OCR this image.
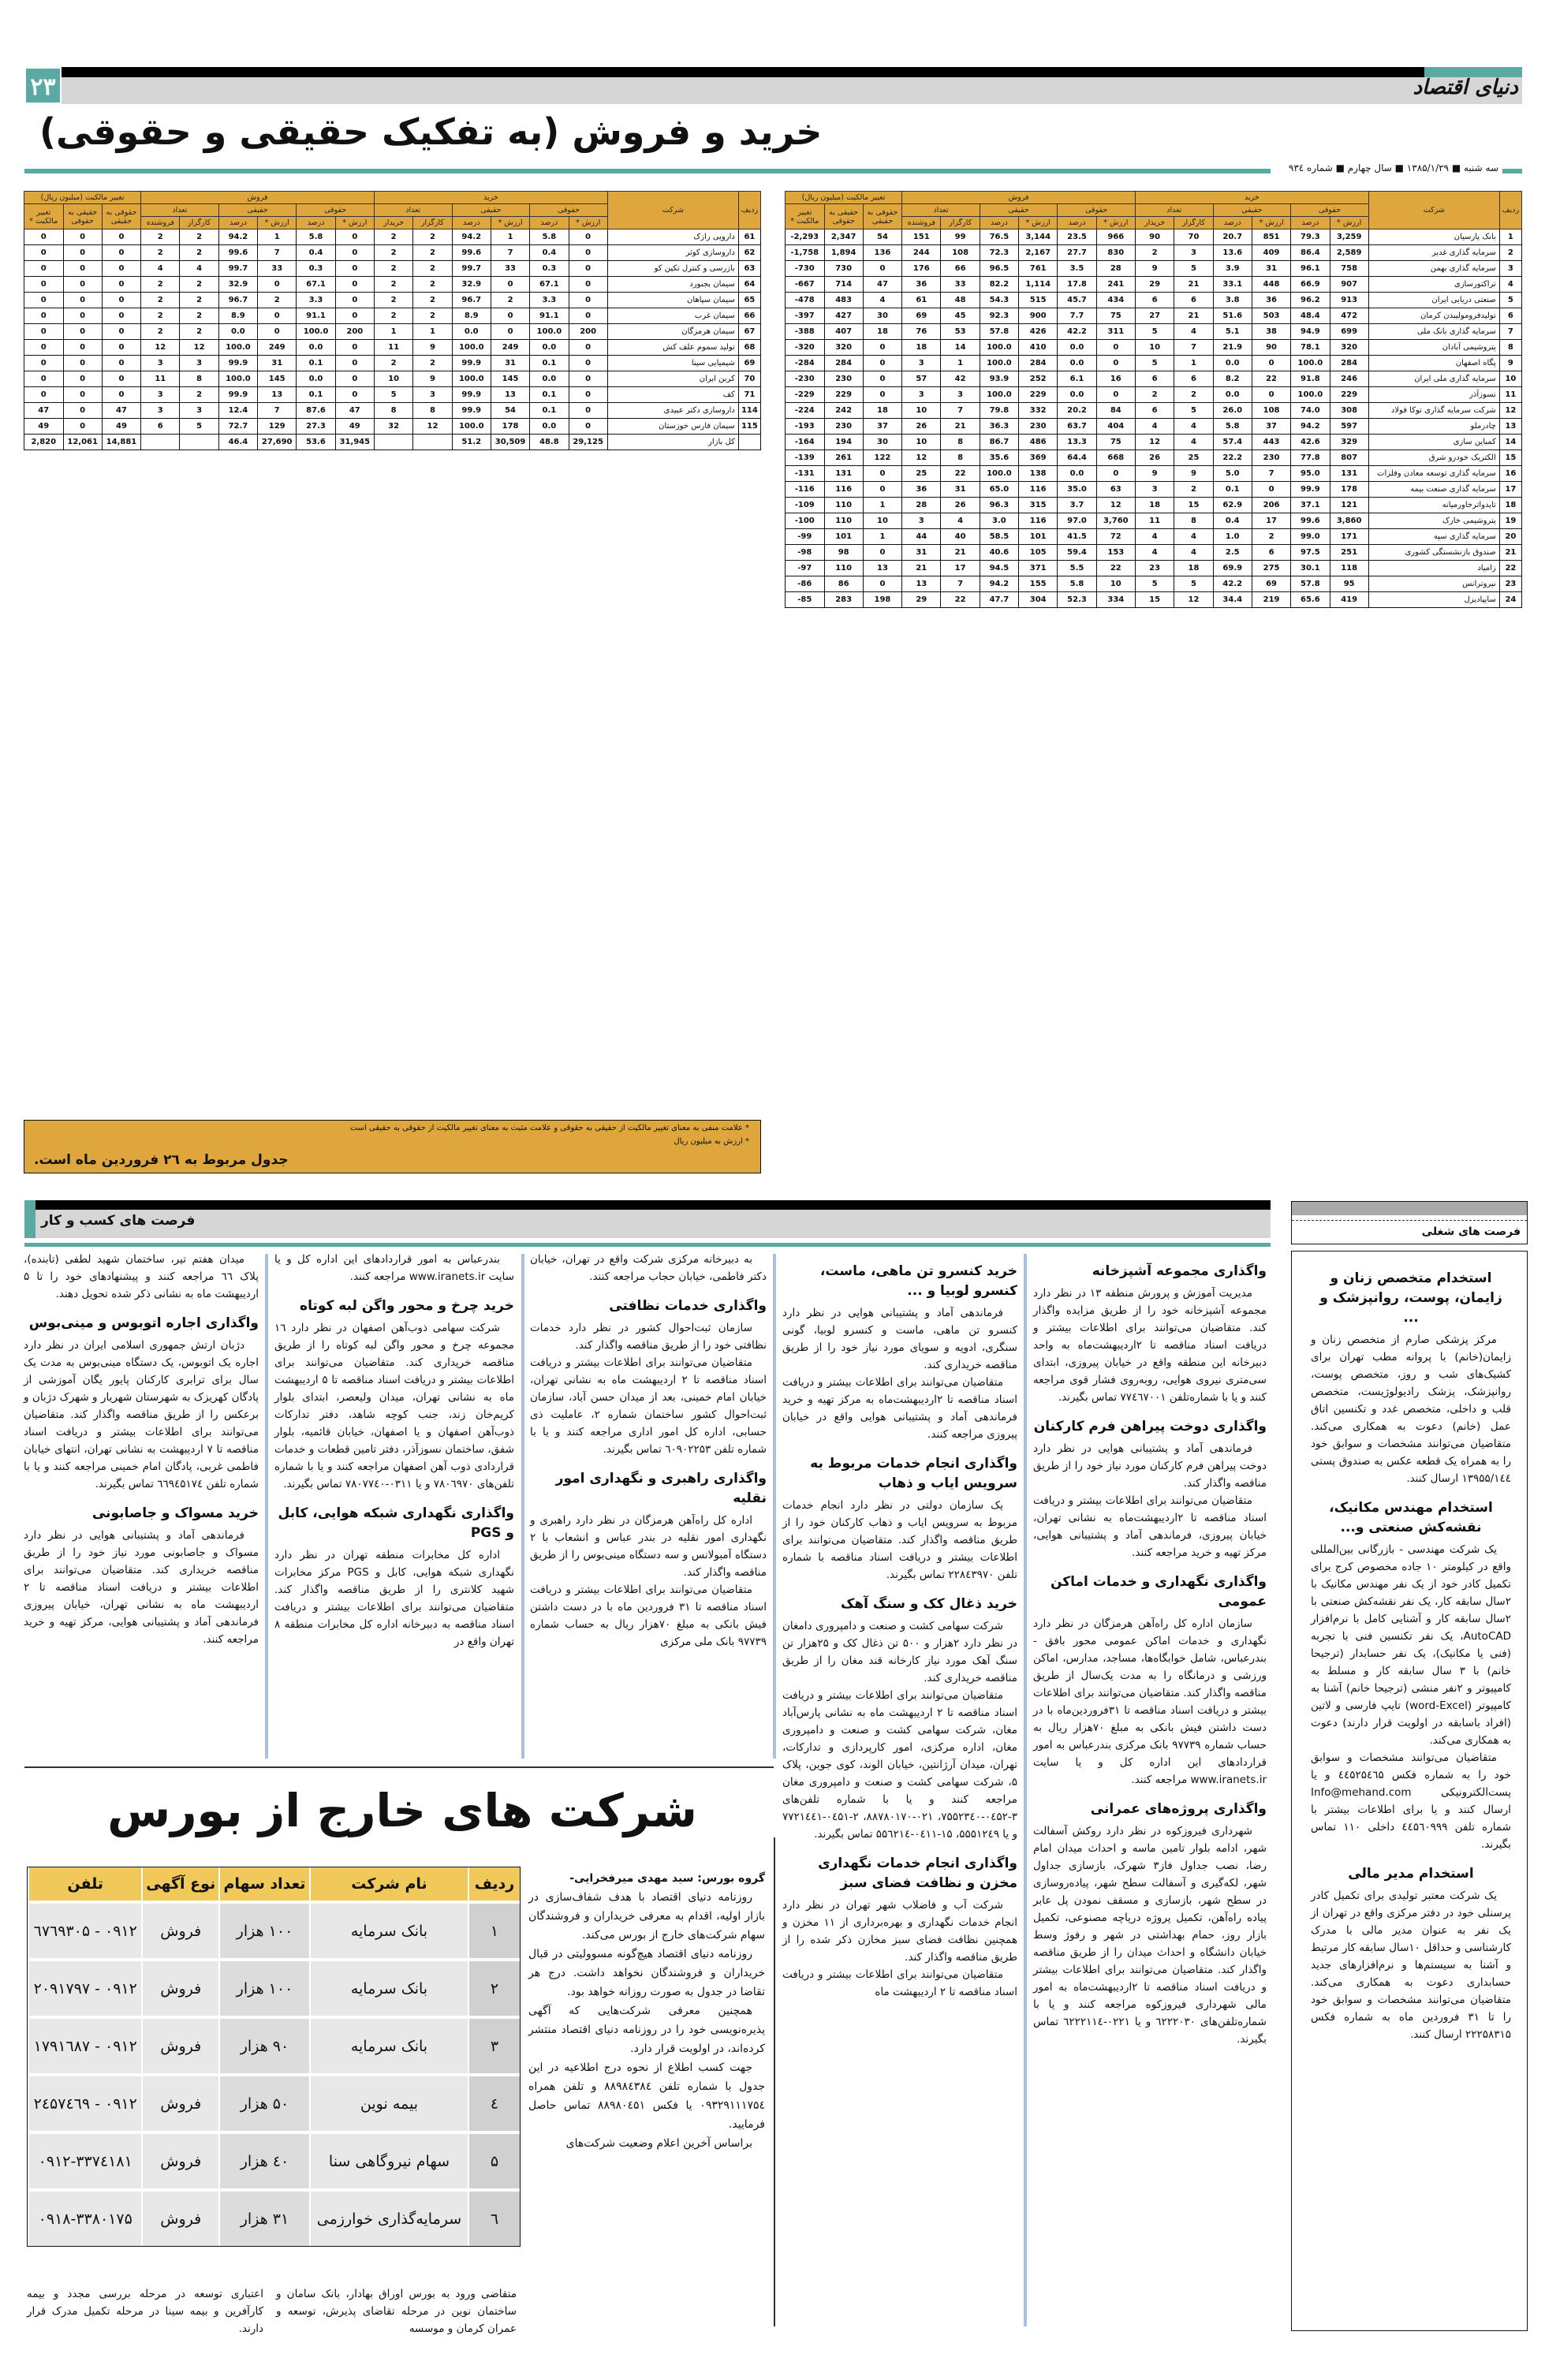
۲۳	دنیای اقتصاد
خرید و فروش (به تفکیک حقیقی و حقوقی)
سه شنبه ■ ۱۳۸۵/۱/۲۹ ■ سال چهارم ■ شماره ۹۳٤
ردیف	شرکت	خرید						فروش						تغییر مالکیت (میلیون ریال)		
		حقوقی		حقیقی		تعداد		حقوقی		حقیقی		تعداد		حقوقی به حقیقی	حقیقی به حقوقی	تغییر مالکیت *
		ارزش *	درصد	ارزش *	درصد	کارگزار	خریدار	ارزش *	درصد	ارزش *	درصد	کارگزار	فروشنده			
1	بانک پارسیان	3,259	79.3	851	20.7	70	90	966	23.5	3,144	76.5	99	151	54	2,347	-2,293
2	سرمایه گذاری غدیر	2,589	86.4	409	13.6	3	2	830	27.7	2,167	72.3	108	244	136	1,894	-1,758
3	سرمایه گذاری بهمن	758	96.1	31	3.9	5	9	28	3.5	761	96.5	66	176	0	730	-730
4	تراکتورسازی	907	66.9	448	33.1	21	29	241	17.8	1,114	82.2	33	36	47	714	-667
5	صنعتی دریایی ایران	913	96.2	36	3.8	6	6	434	45.7	515	54.3	48	61	4	483	-478
6	تولیدفرومولیبدن کرمان	472	48.4	503	51.6	21	27	75	7.7	900	92.3	45	69	30	427	-397
7	سرمایه گذاری بانک ملی	699	94.9	38	5.1	4	5	311	42.2	426	57.8	53	76	18	407	-388
8	پتروشیمی آبادان	320	78.1	90	21.9	7	10	0	0.0	410	100.0	14	18	0	320	-320
9	پگاه اصفهان	284	100.0	0	0.0	1	5	0	0.0	284	100.0	1	3	0	284	-284
10	سرمایه گذاری ملی ایران	246	91.8	22	8.2	6	6	16	6.1	252	93.9	42	57	0	230	-230
11	نسوزآذر	229	100.0	0	0.0	2	2	0	0.0	229	100.0	3	3	0	229	-229
12	شرکت سرمایه گذاری توکا فولاد	308	74.0	108	26.0	5	6	84	20.2	332	79.8	7	10	18	242	-224
13	چادرملو	597	94.2	37	5.8	4	4	404	63.7	230	36.3	21	26	37	230	-193
14	کمباین سازی	329	42.6	443	57.4	4	12	75	13.3	486	86.7	8	10	30	194	-164
15	الکتریک خودرو شرق	807	77.8	230	22.2	25	26	668	64.4	369	35.6	8	12	122	261	-139
16	سرمایه گذاری توسعه معادن وفلزات	131	95.0	7	5.0	9	9	0	0.0	138	100.0	22	25	0	131	-131
17	سرمایه گذاری صنعت بیمه	178	99.9	0	0.1	2	3	63	35.0	116	65.0	31	36	0	116	-116
18	تایدواترخاورمیانه	121	37.1	206	62.9	15	18	12	3.7	315	96.3	26	28	1	110	-109
19	پتروشیمی خارک	3,860	99.6	17	0.4	8	11	3,760	97.0	116	3.0	4	3	10	110	-100
20	سرمایه گذاری سپه	171	99.0	2	1.0	4	4	72	41.5	101	58.5	40	44	1	101	-99
21	صندوق بازنشستگی کشوری	251	97.5	6	2.5	4	4	153	59.4	105	40.6	21	31	0	98	-98
22	زامیاد	118	30.1	275	69.9	18	23	22	5.5	371	94.5	17	21	13	110	-97
23	نیروترانس	95	57.8	69	42.2	5	5	10	5.8	155	94.2	7	13	0	86	-86
24	سایپادیزل	419	65.6	219	34.4	12	15	334	52.3	304	47.7	22	29	198	283	-85
ردیف	شرکت	خرید						فروش						تغییر مالکیت (میلیون ریال)		
		حقوقی		حقیقی		تعداد		حقوقی		حقیقی		تعداد		حقوقی به حقیقی	حقیقی به حقوقی	تغییر مالکیت *
		ارزش *	درصد	ارزش *	درصد	کارگزار	خریدار	ارزش *	درصد	ارزش *	درصد	کارگزار	فروشنده			
61	دارویی رازک	0	5.8	1	94.2	2	2	0	5.8	1	94.2	2	2	0	0	0
62	داروسازی کوثر	0	0.4	7	99.6	2	2	0	0.4	7	99.6	2	2	0	0	0
63	بازرسی و کنترل تکین کو	0	0.3	33	99.7	2	2	0	0.3	33	99.7	4	4	0	0	0
64	سیمان بجنورد	0	67.1	0	32.9	2	2	0	67.1	0	32.9	2	2	0	0	0
65	سیمان سپاهان	0	3.3	2	96.7	2	2	0	3.3	2	96.7	2	2	0	0	0
66	سیمان غرب	0	91.1	0	8.9	2	2	0	91.1	0	8.9	2	2	0	0	0
67	سیمان هرمزگان	200	100.0	0	0.0	1	1	200	100.0	0	0.0	2	2	0	0	0
68	تولید سموم علف کش	0	0.0	249	100.0	9	11	0	0.0	249	100.0	12	12	0	0	0
69	شیمیایی سینا	0	0.1	31	99.9	2	2	0	0.1	31	99.9	3	3	0	0	0
70	کربن ایران	0	0.0	145	100.0	9	10	0	0.0	145	100.0	8	11	0	0	0
71	کف	0	0.1	13	99.9	3	5	0	0.1	13	99.9	2	3	0	0	0
114	داروسازی دکتر عبیدی	0	0.1	54	99.9	8	8	47	87.6	7	12.4	3	3	47	0	47
115	سیمان فارس خوزستان	0	0.0	178	100.0	12	32	49	27.3	129	72.7	5	6	49	0	49
	کل بازار	29,125	48.8	30,509	51.2			31,945	53.6	27,690	46.4			14,881	12,061	2,820
* علامت منفی به معنای تغییر مالکیت از حقیقی به حقوقی و علامت مثبت به معنای تغییر مالکیت از حقوقی به حقیقی است
* ارزش به میلیون ریال
جدول مربوط به ۲٦ فروردین ماه است.
فرصت های کسب و کار
فرصت های شغلی
استخدام متخصص زنان و زایمان، پوست، روانپزشک و ...

مرکز پزشکی صارم از متخصص زنان و زایمان(خانم) با پروانه مطب تهران برای کشیک‌های شب و روز، متخصص پوست، روانپزشک، پزشک رادیولوژیست، متخصص قلب و داخلی، متخصص غدد و تکنسین اتاق عمل (خانم) دعوت به همکاری می‌کند. متقاضیان می‌توانند مشخصات و سوابق خود را به همراه یک قطعه عکس به صندوق پستی ۱۳۹۵۵/۱٤٤ ارسال کنند.

استخدام مهندس مکانیک، نقشه‌کش صنعتی و...

یک شرکت مهندسی - بازرگانی بین‌المللی واقع در کیلومتر ۱۰ جاده مخصوص کرج برای تکمیل کادر خود از یک نفر مهندس مکانیک با ۲سال سابقه کار، یک نفر نقشه‌کش صنعتی با ۲سال سابقه کار و آشنایی کامل با نرم‌افزار AutoCAD، یک نفر تکنسین فنی با تجربه (فنی یا مکانیک)، یک نفر حسابدار (ترجیحا خانم) با ۳ سال سابقه کار و مسلط به کامپیوتر و ۲نفر منشی (ترجیحا خانم) آشنا به کامپیوتر (word-Excel) تایپ فارسی و لاتین (افراد باسابقه در اولویت قرار دارند) دعوت به همکاری می‌کند.

متقاضیان می‌توانند مشخصات و سوابق خود را به شماره فکس ٤٤۵۲۵٤٦۵ و یا پست‌الکترونیکی Info@mehand.com ارسال کنند و یا برای اطلاعات بیشتر با شماره تلفن ٤٤۵٦۰۹۹۹ داخلی ۱۱۰ تماس بگیرند.

استخدام مدیر مالی

یک شرکت معتبر تولیدی برای تکمیل کادر پرسنلی خود در دفتر مرکزی واقع در تهران از یک نفر به عنوان مدیر مالی با مدرک کارشناسی و حداقل ۱۰سال سابقه کار مرتبط و آشنا به سیستم‌ها و نرم‌افزارهای جدید حسابداری دعوت به همکاری می‌کند. متقاضیان می‌توانند مشخصات و سوابق خود را تا ۳۱ فروردین ماه به شماره فکس ۲۲۲۵۸۳۱۵ ارسال کنند.

واگذاری مجموعه آشپزخانه

مدیریت آموزش و پرورش منطقه ۱۳ در نظر دارد مجموعه آشپزخانه خود را از طریق مزایده واگذار کند. متقاضیان می‌توانند برای اطلاعات بیشتر و دریافت اسناد مناقصه تا ۲اردیبهشت‌ماه به واحد دبیرخانه این منطقه واقع در خیابان پیروزی، ابتدای سی‌متری نیروی هوایی، روبه‌روی فشار قوی مراجعه کنند و یا با شماره‌تلفن ۷۷٤٦۷۰۰۱ تماس بگیرند.

واگذاری دوخت پیراهن فرم کارکنان

فرماندهی آماد و پشتیبانی هوایی در نظر دارد دوخت پیراهن فرم کارکنان مورد نیاز خود را از طریق مناقصه واگذار کند.

متقاضیان می‌توانند برای اطلاعات بیشتر و دریافت اسناد مناقصه تا ۲اردیبهشت‌ماه به نشانی تهران، خیابان پیروزی، فرماندهی آماد و پشتیبانی هوایی، مرکز تهیه و خرید مراجعه کنند.

واگذاری نگهداری و خدمات اماکن عمومی

سازمان اداره کل راه‌آهن هرمزگان در نظر دارد نگهداری و خدمات اماکن عمومی محور بافق - بندرعباس، شامل خوابگاه‌ها، مساجد، مدارس، اماکن ورزشی و درمانگاه را به مدت یک‌سال از طریق مناقصه واگذار کند. متقاضیان می‌توانند برای اطلاعات بیشتر و دریافت اسناد مناقصه تا ۳۱فروردین‌ماه با در دست داشتن فیش بانکی به مبلغ ۷۰هزار ریال به حساب شماره ۹۷۷۳۹ بانک مرکزی بندرعباس به امور قراردادهای این اداره کل و یا سایت www.iranets.ir مراجعه کنند.

واگذاری پروژه‌های عمرانی

شهرداری فیروزکوه در نظر دارد روکش آسفالت شهر، ادامه بلوار تامین ماسه و احداث میدان امام رضا، نصب جداول فاز۳ شهرک، بازسازی جداول شهر، لکه‌گیری و آسفالت سطح شهر، پیاده‌روسازی در سطح شهر، بازسازی و مسقف نمودن پل عابر پیاده راه‌آهن، تکمیل پروژه دریاچه مصنوعی، تکمیل بازار روز، حمام بهداشتی در شهر و رفوژ وسط خیابان دانشگاه و احداث میدان را از طریق مناقصه واگذار کند. متقاضیان می‌توانند برای اطلاعات بیشتر و دریافت اسناد مناقصه تا ۲اردیبهشت‌ماه به امور مالی شهرداری فیروزکوه مراجعه کنند و یا با شماره‌تلفن‌های ٦۲۲۲۰۳۰ و یا ۰۲۲۱-٦۲۲۲۱۱٤ تماس بگیرند.

خرید کنسرو تن ماهی، ماست، کنسرو لوبیا و ...

فرماندهی آماد و پشتیبانی هوایی در نظر دارد کنسرو تن ماهی، ماست و کنسرو لوبیا، گونی سنگری، ادویه و سویای مورد نیاز خود را از طریق مناقصه خریداری کند.

متقاضیان می‌توانند برای اطلاعات بیشتر و دریافت اسناد مناقصه تا ۲اردیبهشت‌ماه به مرکز تهیه و خرید فرماندهی آماد و پشتیبانی هوایی واقع در خیابان پیروزی مراجعه کنند.

واگذاری انجام خدمات مربوط به سرویس ایاب و ذهاب

یک سازمان دولتی در نظر دارد انجام خدمات مربوط به سرویس ایاب و ذهاب کارکنان خود را از طریق مناقصه واگذار کند. متقاضیان می‌توانند برای اطلاعات بیشتر و دریافت اسناد مناقصه با شماره تلفن ۲۲۸٤۳۹۷۰ تماس بگیرند.

خرید ذغال کک و سنگ آهک

شرکت سهامی کشت و صنعت و دامپروری دامغان در نظر دارد ۲هزار و ۵۰۰ تن ذغال کک و ۲۵هزار تن سنگ آهک مورد نیاز کارخانه قند مغان را از طریق مناقصه خریداری کند.

متقاضیان می‌توانند برای اطلاعات بیشتر و دریافت اسناد مناقصه تا ۲ اردیبهشت ماه به نشانی پارس‌آباد مغان، شرکت سهامی کشت و صنعت و دامپروری مغان، اداره مرکزی، امور کارپردازی و تدارکات، تهران، میدان آرژانتین، خیابان الوند، کوی جوین، پلاک ۵، شرکت سهامی کشت و صنعت و دامپروری مغان مراجعه کنند و یا با شماره تلفن‌های ۳-۰٤۵۲-۷۵۵۲۳٤۰، ۰۲۱-۸۸۷۸۰۱۷۰، ۲-۰٤۵۱-۷۷۲۱٤٤۱ و یا ۵۵۵۱۲٤۹، ۱۵-۰٤۱۱-۵۵٦۲۱٤ تماس بگیرند.

واگذاری انجام خدمات نگهداری مخزن و نظافت فضای سبز

شرکت آب و فاضلاب شهر تهران در نظر دارد انجام خدمات نگهداری و بهره‌برداری از ۱۱ مخزن و همچنین نظافت فضای سبز مخازن ذکر شده را از طریق مناقصه واگذار کند.

متقاضیان می‌توانند برای اطلاعات بیشتر و دریافت اسناد مناقصه تا ۲ اردیبهشت ماه

به دبیرخانه مرکزی شرکت واقع در تهران، خیابان دکتر فاطمی، خیابان حجاب مراجعه کنند.

واگذاری خدمات نظافتی

سازمان ثبت‌احوال کشور در نظر دارد خدمات نظافتی خود را از طریق مناقصه واگذار کند.

متقاضیان می‌توانند برای اطلاعات بیشتر و دریافت اسناد مناقصه تا ۲ اردیبهشت ماه به نشانی تهران، خیابان امام خمینی، بعد از میدان حسن آباد، سازمان ثبت‌احوال کشور ساختمان شماره ۲، عاملیت ذی حسابی، اداره کل امور اداری مراجعه کنند و یا با شماره تلفن ٦۰۹۰۲۲۵۳ تماس بگیرند.

واگذاری راهبری و نگهداری امور نقلیه

اداره کل راه‌آهن هرمزگان در نظر دارد راهبری و نگهداری امور نقلیه در بندر عباس و انشعاب با ۲ دستگاه آمبولانس و سه دستگاه مینی‌بوس را از طریق مناقصه واگذار کند.

متقاضیان می‌توانند برای اطلاعات بیشتر و دریافت اسناد مناقصه تا ۳۱ فروردین ماه با در دست داشتن فیش بانکی به مبلغ ۷۰هزار ریال به حساب شماره ۹۷۷۳۹ بانک ملی مرکزی

بندرعباس به امور قراردادهای این اداره کل و یا سایت www.iranets.ir مراجعه کنند.

خرید چرخ و محور واگن لبه کوتاه

شرکت سهامی ذوب‌آهن اصفهان در نظر دارد ۱٦ مجموعه چرخ و محور واگن لبه کوتاه را از طریق مناقصه خریداری کند. متقاضیان می‌توانند برای اطلاعات بیشتر و دریافت اسناد مناقصه تا ۵ اردیبهشت ماه به نشانی تهران، میدان ولیعصر، ابتدای بلوار کریم‌خان زند، جنب کوچه شاهد، دفتر تدارکات ذوب‌آهن اصفهان و یا اصفهان، خیابان قائمیه، بلوار شفق، ساختمان نسوزآذر، دفتر تامین قطعات و خدمات قراردادی ذوب آهن اصفهان مراجعه کنند و یا با شماره تلفن‌های ۷۸۰٦۹۷۰ و یا ۰۳۱۱-۷۸۰۷۷٤۰ تماس بگیرند.

واگذاری نگهداری شبکه هوایی، کابل و PGS

اداره کل مخابرات منطقه تهران در نظر دارد نگهداری شبکه هوایی، کابل و PGS مرکز مخابرات شهید کلانتری را از طریق مناقصه واگذار کند. متقاضیان می‌توانند برای اطلاعات بیشتر و دریافت اسناد مناقصه به دبیرخانه اداره کل مخابرات منطقه ۸ تهران واقع در

میدان هفتم تیر، ساختمان شهید لطفی (تابنده)، پلاک ٦٦ مراجعه کنند و پیشنهادهای خود را تا ۵ اردیبهشت ماه به نشانی ذکر شده تحویل دهند.

واگذاری اجاره اتوبوس و مینی‌بوس

دژبان ارتش جمهوری اسلامی ایران در نظر دارد اجاره یک اتوبوس، یک دستگاه مینی‌بوس به مدت یک سال برای ترابری کارکنان پایور یگان آموزشی از پادگان کهریزک به شهرستان شهریار و شهرک دژبان و برعکس را از طریق مناقصه واگذار کند. متقاضیان می‌توانند برای اطلاعات بیشتر و دریافت اسناد مناقصه تا ۷ اردیبهشت به نشانی تهران، انتهای خیابان فاطمی غربی، پادگان امام خمینی مراجعه کنند و یا با شماره تلفن ٦٦۹٤۵۱۷٤ تماس بگیرند.

خرید مسواک و جاصابونی

فرماندهی آماد و پشتیبانی هوایی در نظر دارد مسواک و جاصابونی مورد نیاز خود را از طریق مناقصه خریداری کند. متقاضیان می‌توانند برای اطلاعات بیشتر و دریافت اسناد مناقصه تا ۲ اردیبهشت ماه به نشانی تهران، خیابان پیروزی فرماندهی آماد و پشتیبانی هوایی، مرکز تهیه و خرید مراجعه کنند.

شرکت های خارج از بورس
ردیف	نام شرکت	تعداد سهام	نوع آگهی	تلفن
۱	بانک سرمایه	۱۰۰ هزار	فروش	۰۹۱۲ - ٦۷٦۹۳۰۵
۲	بانک سرمایه	۱۰۰ هزار	فروش	۰۹۱۲ - ۲۰۹۱۷۹۷
۳	بانک سرمایه	۹۰ هزار	فروش	۰۹۱۲ - ۱۷۹۱٦۸۷
٤	بیمه نوین	۵۰ هزار	فروش	۰۹۱۲ - ۲٤۵۷٤٦۹
۵	سهام نیروگاهی سنا	٤۰ هزار	فروش	۰۹۱۲-۳۳۷٤۱۸۱
٦	سرمایه‌گذاری خوارزمی	۳۱ هزار	فروش	۰۹۱۸-۳۳۸۰۱۷۵

گروه بورس: سید مهدی میرفخرایی-

روزنامه دنیای اقتصاد با هدف شفاف‌سازی در بازار اولیه، اقدام به معرفی خریداران و فروشندگان سهام شرکت‌های خارج از بورس می‌کند.

روزنامه دنیای اقتصاد هیچ‌گونه مسوولیتی در قبال خریداران و فروشندگان نخواهد داشت. درج هر تقاضا در جدول به صورت روزانه خواهد بود.

همچنین معرفی شرکت‌هایی که آگهی پذیره‌نویسی خود را در روزنامه دنیای اقتصاد منتشر کرده‌اند، در اولویت قرار دارد.

جهت کسب اطلاع از نحوه درج اطلاعیه در این جدول با شماره تلفن ۸۸۹۸٤۳۸٤ و تلفن همراه ۰۹۳۲۹۱۱۱۷۵٤ یا فکس ۸۸۹۸۰٤۵۱ تماس حاصل فرمایید.

براساس آخرین اعلام وضعیت شرکت‌های

متقاضی ورود به بورس اوراق بهادار، بانک سامان و ساختمان نوین در مرحله تقاضای پذیرش، توسعه و عمران کرمان و موسسه
اعتباری توسعه در مرحله بررسی مجدد و بیمه کارآفرین و بیمه سینا در مرحله تکمیل مدرک قرار دارند.
